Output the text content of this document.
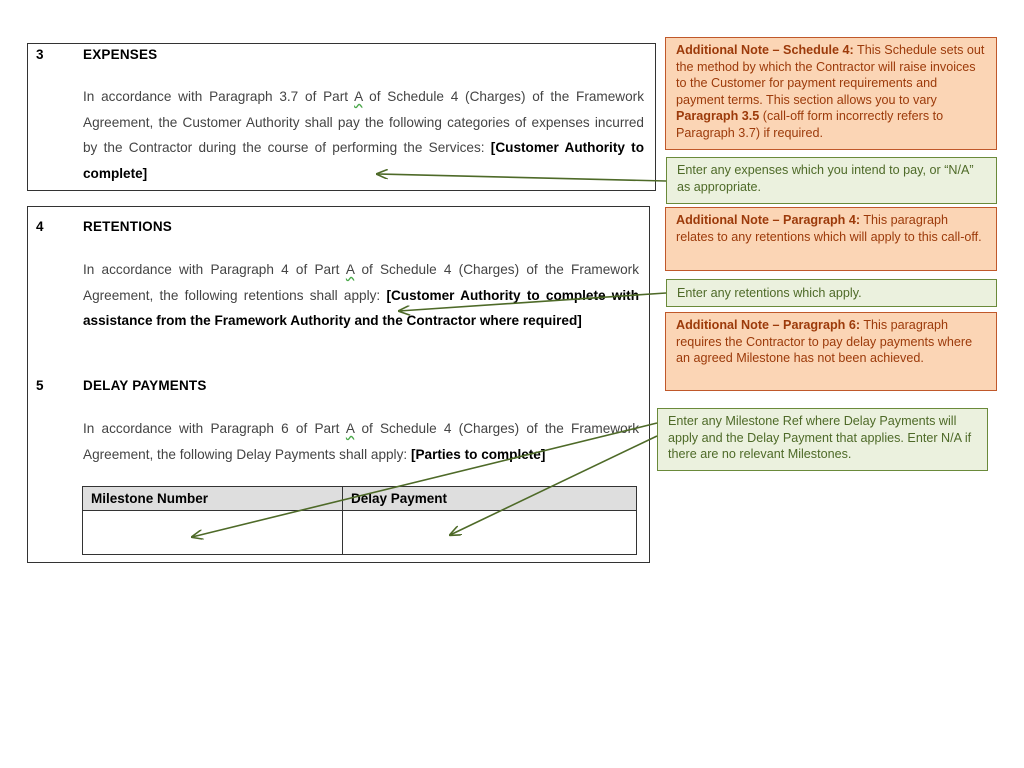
3	EXPENSES
In accordance with Paragraph 3.7 of Part A of Schedule 4 (Charges) of the Framework Agreement, the Customer Authority shall pay the following categories of expenses incurred by the Contractor during the course of performing the Services: [Customer Authority to complete]
4	RETENTIONS
In accordance with Paragraph 4 of Part A of Schedule 4 (Charges) of the Framework Agreement, the following retentions shall apply: [Customer Authority to complete with assistance from the Framework Authority and the Contractor where required]
5	DELAY PAYMENTS
In accordance with Paragraph 6 of Part A of Schedule 4 (Charges) of the Framework Agreement, the following Delay Payments shall apply: [Parties to complete]
Milestone Number	Delay Payment

Additional Note – Schedule 4: This Schedule sets out the method by which the Contractor will raise invoices to the Customer for payment requirements and payment terms. This section allows you to vary Paragraph 3.5 (call-off form incorrectly refers to Paragraph 3.7) if required.
Enter any expenses which you intend to pay, or “N/A” as appropriate.
Additional Note – Paragraph 4: This paragraph relates to any retentions which will apply to this call-off.
Enter any retentions which apply.
Additional Note – Paragraph 6: This paragraph requires the Contractor to pay delay payments where an agreed Milestone has not been achieved.
Enter any Milestone Ref where Delay Payments will apply and the Delay Payment that applies. Enter N/A if there are no relevant Milestones.
